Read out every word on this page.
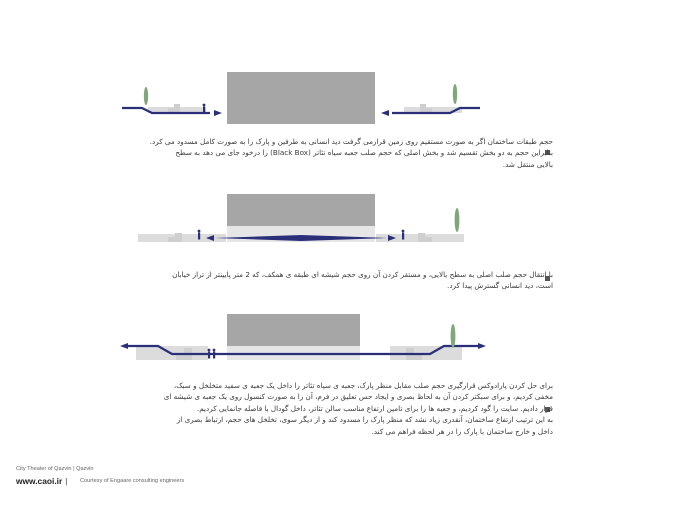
حجم طبقات ساختمان اگر به صورت مستقیم روی زمین قرارمی گرفت دید انسانی به طرفین و پارک را به صورت کامل مسدود می کرد.
بنابراین حجم به دو بخش تقسیم شد و بخش اصلی که حجم صلب جعبه سیاه تئاتر (Black Box) را درخود جای می دهد به سطح
بالایی منتقل شد.
با انتقال حجم صلب اصلی به سطح بالایی، و مستقر کردن آن روی حجم شیشه ای طبقه ی همکف، که 2 متر پایینتر از تراز خیابان
است، دید انسانی گسترش پیدا کرد.
برای حل کردن پارادوکس قرارگیری حجم صلب مقابل منظر پارک، جعبه ی سیاه تئاتر را داخل یک جعبه ی سفید متخلخل و سبک،
مخفی کردیم، و برای سبکتر کردن آن به لحاظ بصری و ایجاد حس تعلیق در فرم، آن را به صورت کنسول روی یک جعبه ی شیشه ای
قرار دادیم. سایت را گود کردیم، و جعبه ها را برای تامین ارتفاع مناسب سالن تئاتر، داخل گودال با فاصله جانمایی کردیم.
به این ترتیب ارتفاع ساختمان، آنقدری زیاد نشد که منظر پارک را مسدود کند و از دیگر سوی، تخلخل های حجم، ارتباط بصری از
داخل و خارج ساختمان با پارک را در هر لحظه فراهم می کند.
City Theater of Qazvin | Qazvin
www.caoi.ir |	Courtesy of Engaare consulting engineers
